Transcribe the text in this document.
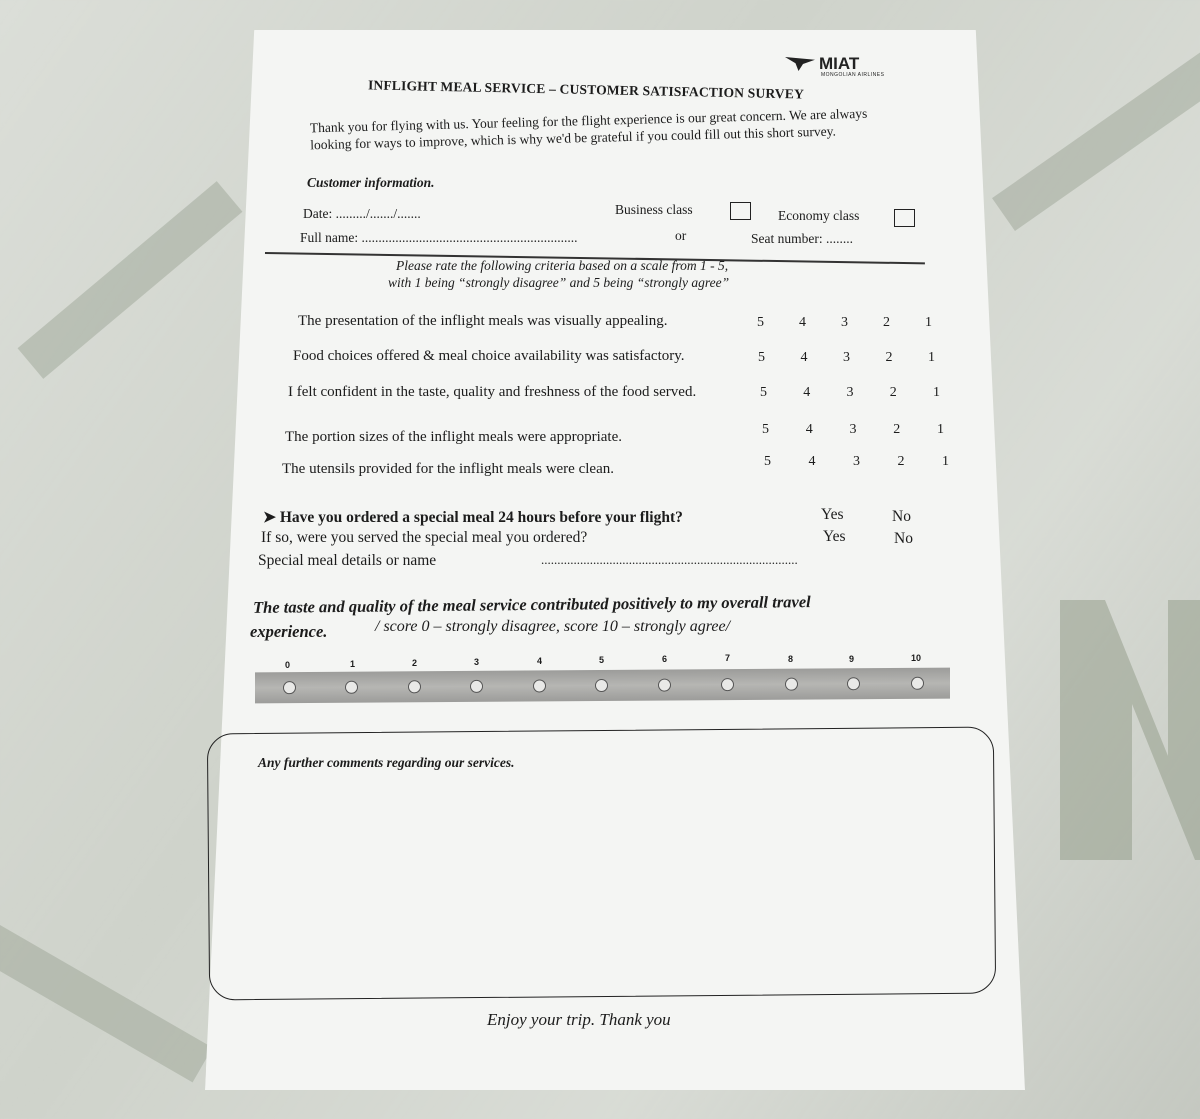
MIAT
MONGOLIAN AIRLINES
INFLIGHT MEAL SERVICE – CUSTOMER SATISFACTION SURVEY
Thank you for flying with us. Your feeling for the flight experience is our great concern. We are always looking for ways to improve, which is why we'd be grateful if you could fill out this short survey.
Customer information.
Date: ........./......./.......	Business class	Economy class
Full name: ................................................................	or	Seat number: ........
Please rate the following criteria based on a scale from 1 - 5,
with 1 being “strongly disagree” and 5 being “strongly agree”
The presentation of the inflight meals was visually appealing.	5	4	3	2	1
Food choices offered & meal choice availability was satisfactory.	5	4	3	2	1
I felt confident in the taste, quality and freshness of the food served.	5	4	3	2	1
The portion sizes of the inflight meals were appropriate.	5	4	3	2	1
The utensils provided for the inflight meals were clean.	5	4	3	2	1
➤ Have you ordered a special meal 24 hours before your flight?	Yes	No
If so, were you served the special meal you ordered?	Yes	No
Special meal details or name	...............................................................................
The taste and quality of the meal service contributed positively to my overall travel
experience.	/ score 0 – strongly disagree, score 10 – strongly agree/
0	1	2	3	4	5	6	7	8	9	10
Any further comments regarding our services.
Enjoy your trip. Thank you
